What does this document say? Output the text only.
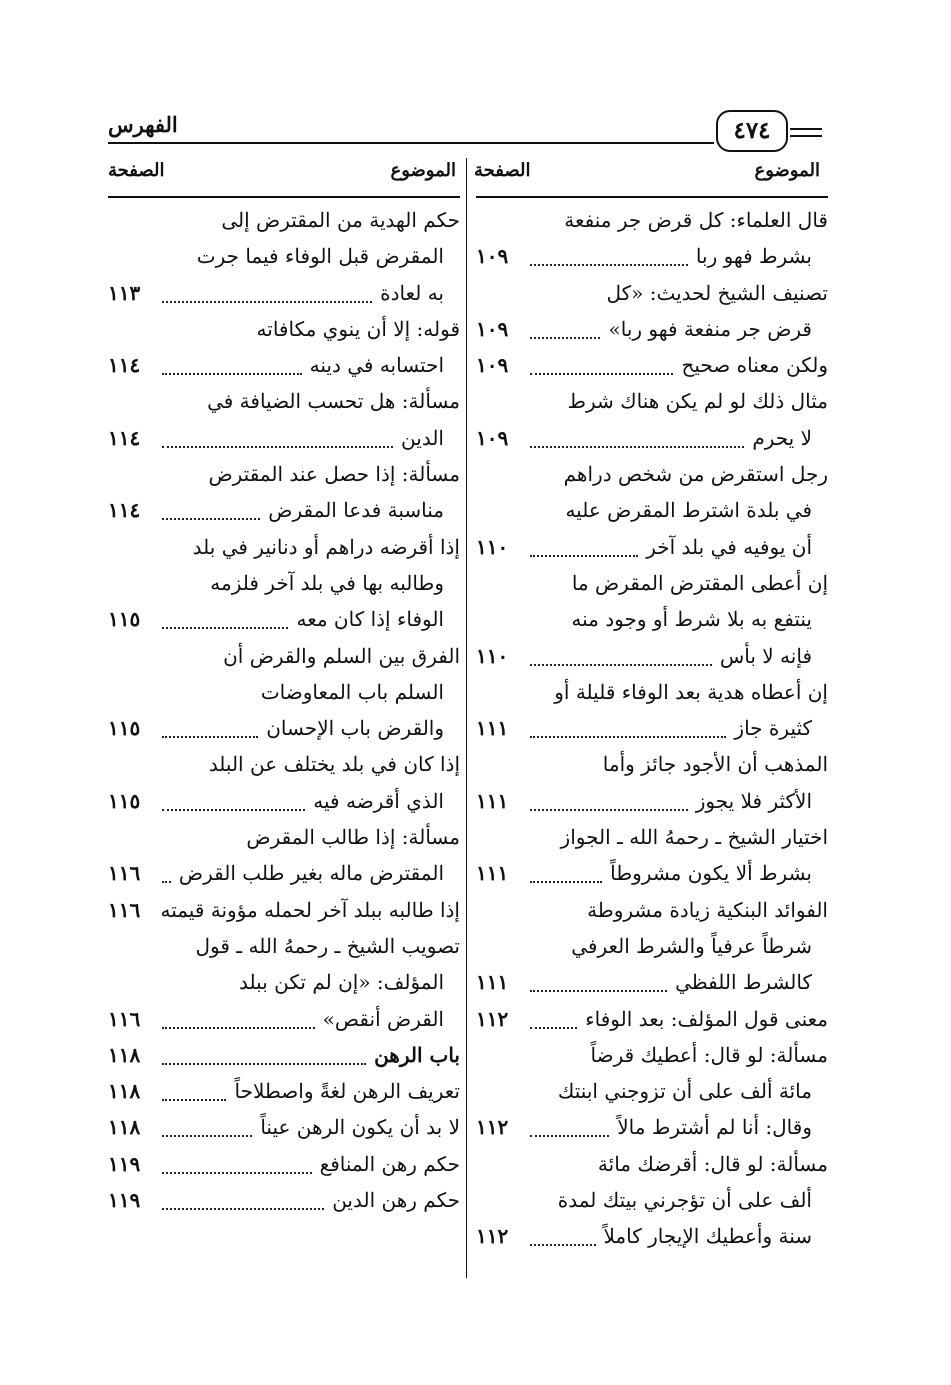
الفهرس	٤٧٤
الموضوع
الصفحة
الموضوع
الصفحة
قال العلماء: كل قرض جر منفعة
بشرط فهو ربا
١٠٩
تصنيف الشيخ لحديث: «كل
قرض جر منفعة فهو ربا»
١٠٩
ولكن معناه صحيح
١٠٩
مثال ذلك لو لم يكن هناك شرط
لا يحرم
١٠٩
رجل استقرض من شخص دراهم
في بلدة اشترط المقرض عليه
أن يوفيه في بلد آخر
١١٠
إن أعطى المقترض المقرض ما
ينتفع به بلا شرط أو وجود منه
فإنه لا بأس
١١٠
إن أعطاه هدية بعد الوفاء قليلة أو
كثيرة جاز
١١١
المذهب أن الأجود جائز وأما
الأكثر فلا يجوز
١١١
اختيار الشيخ ـ رحمهُ الله ـ الجواز
بشرط ألا يكون مشروطاً
١١١
الفوائد البنكية زيادة مشروطة
شرطاً عرفياً والشرط العرفي
كالشرط اللفظي
١١١
معنى قول المؤلف: بعد الوفاء
١١٢
مسألة: لو قال: أعطيك قرضاً
مائة ألف على أن تزوجني ابنتك
وقال: أنا لم أشترط مالاً
١١٢
مسألة: لو قال: أقرضك مائة
ألف على أن تؤجرني بيتك لمدة
سنة وأعطيك الإيجار كاملاً
١١٢
حكم الهدية من المقترض إلى
المقرض قبل الوفاء فيما جرت
به لعادة
١١٣
قوله: إلا أن ينوي مكافاته
احتسابه في دينه
١١٤
مسألة: هل تحسب الضيافة في
الدين
١١٤
مسألة: إذا حصل عند المقترض
مناسبة فدعا المقرض
١١٤
إذا أقرضه دراهم أو دنانير في بلد
وطالبه بها في بلد آخر فلزمه
الوفاء إذا كان معه
١١٥
الفرق بين السلم والقرض أن
السلم باب المعاوضات
والقرض باب الإحسان
١١٥
إذا كان في بلد يختلف عن البلد
الذي أقرضه فيه
١١٥
مسألة: إذا طالب المقرض
المقترض ماله بغير طلب القرض
١١٦
إذا طالبه ببلد آخر لحمله مؤونة قيمته
١١٦
تصويب الشيخ ـ رحمهُ الله ـ قول
المؤلف: «إن لم تكن ببلد
القرض أنقص»
١١٦
باب الرهن
١١٨
تعريف الرهن لغةً واصطلاحاً
١١٨
لا بد أن يكون الرهن عيناً
١١٨
حكم رهن المنافع
١١٩
حكم رهن الدين
١١٩
